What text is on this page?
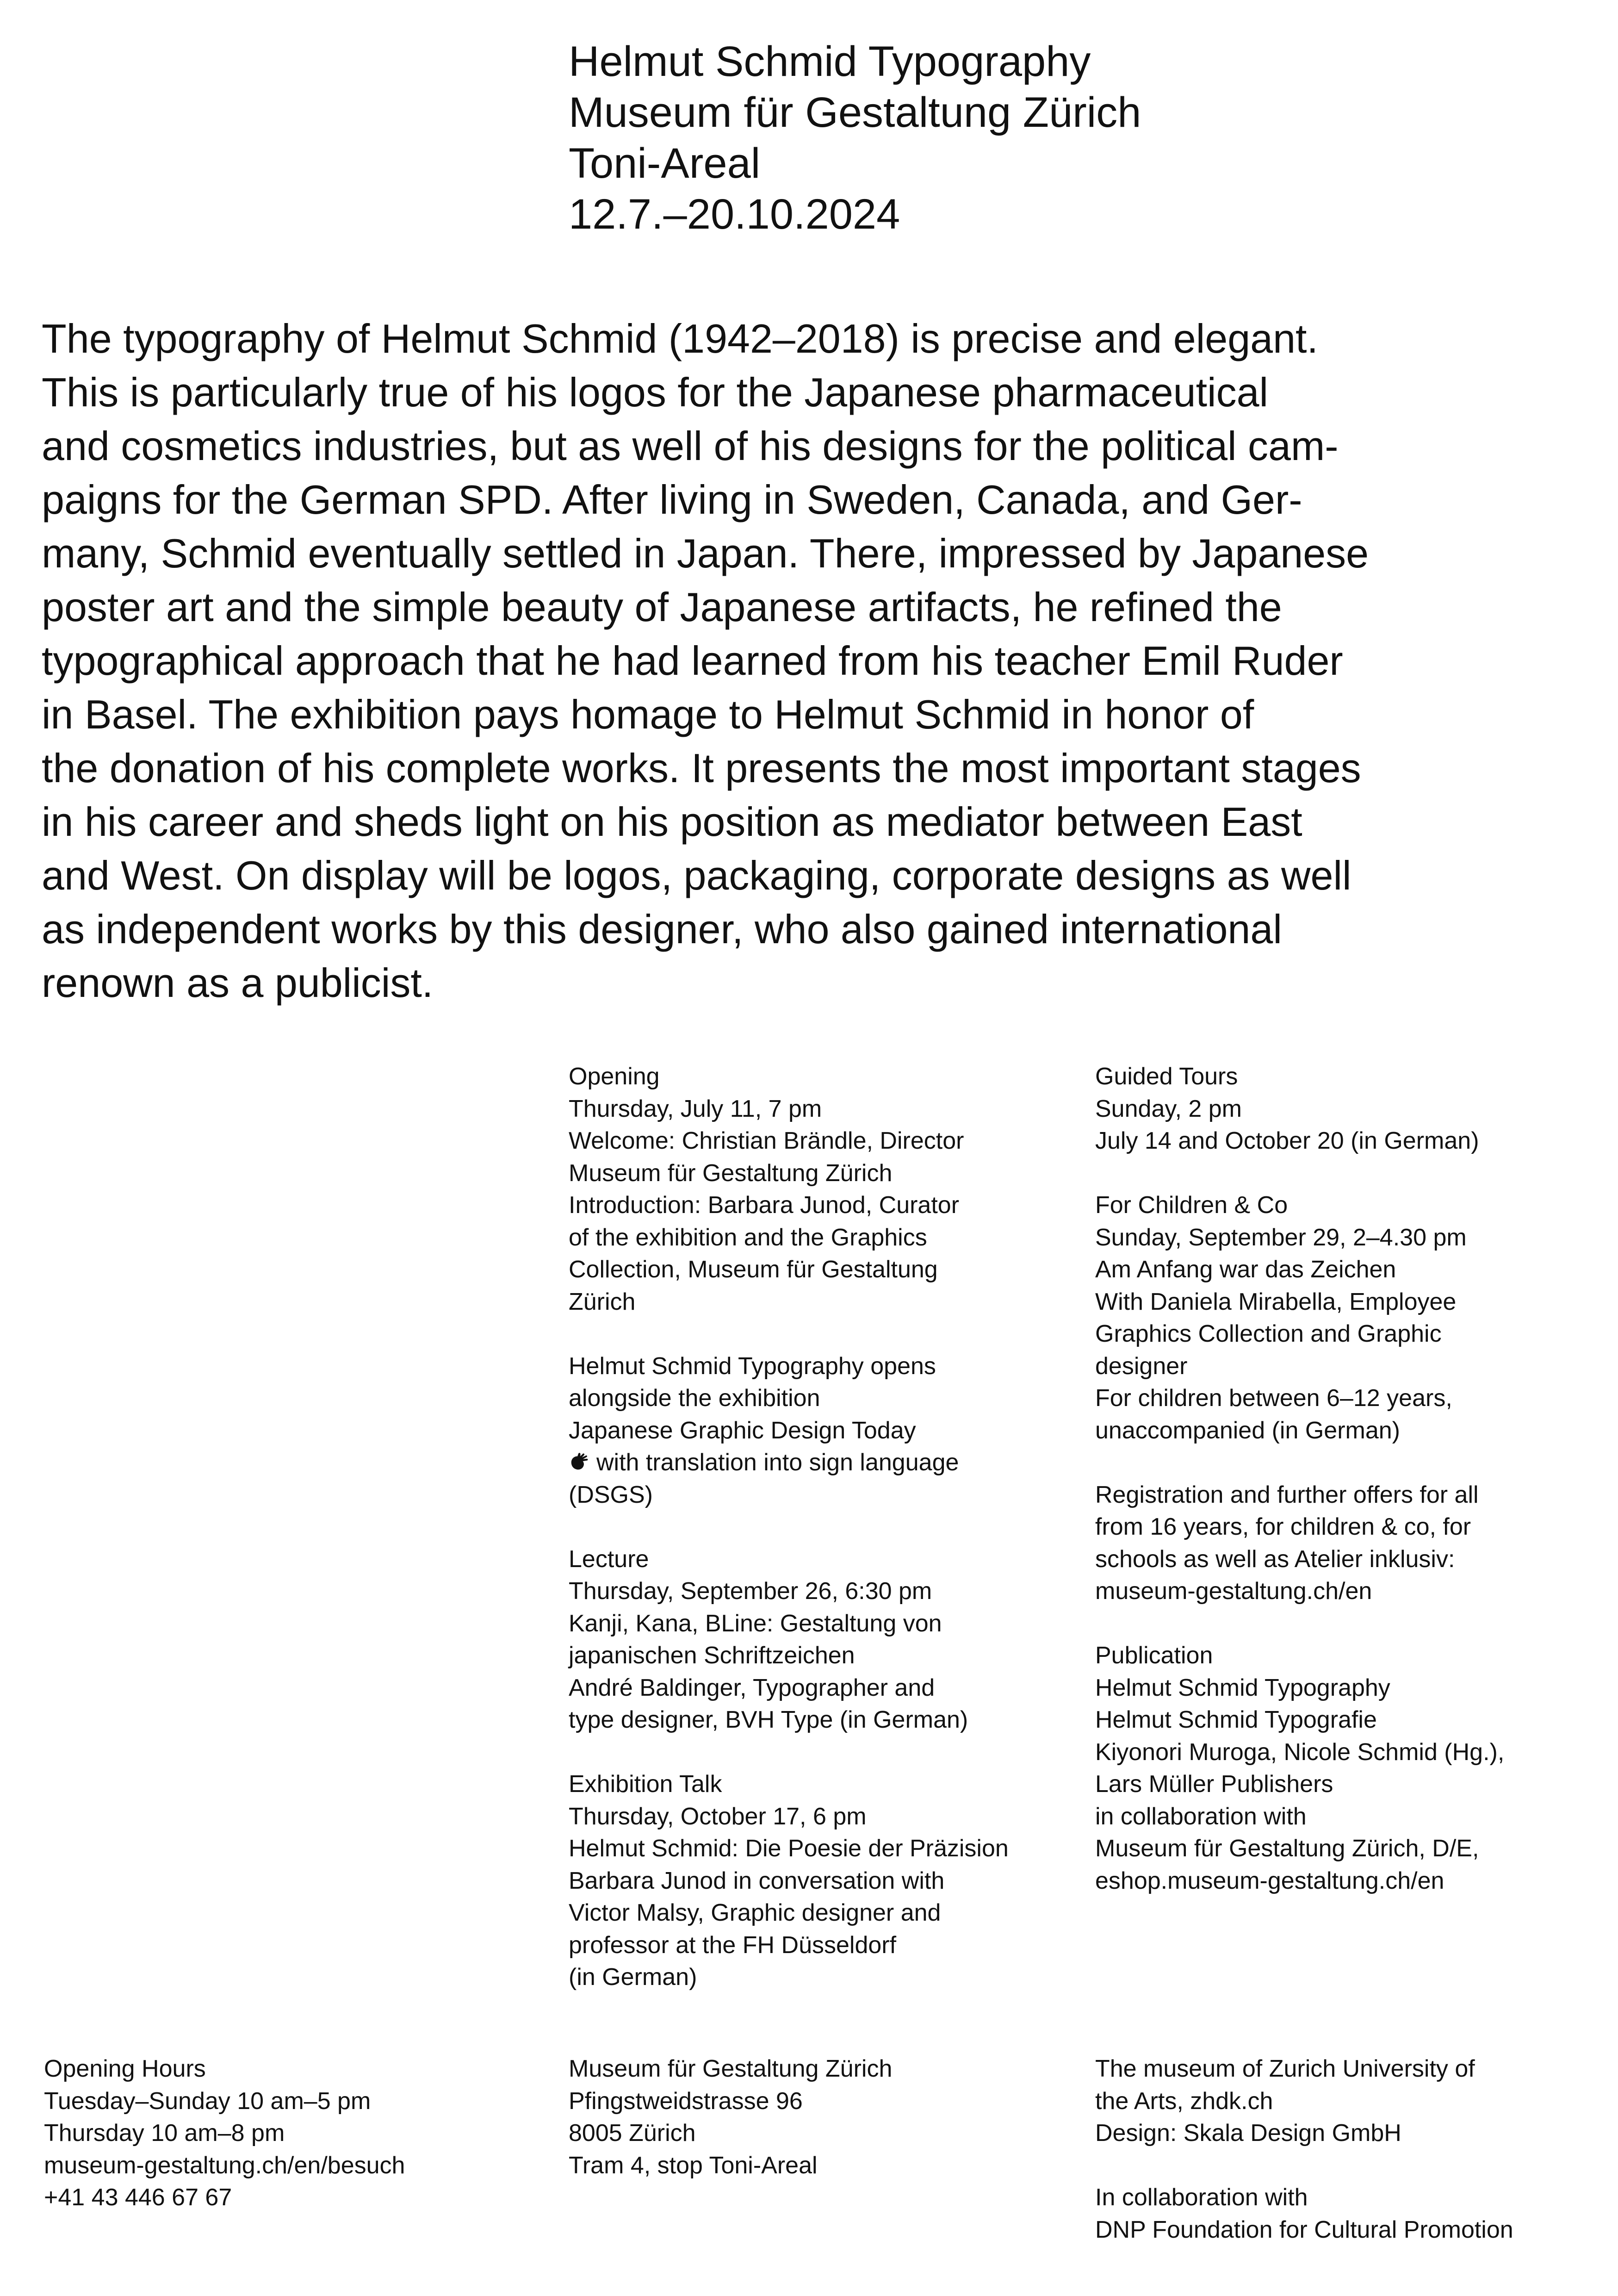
Helmut Schmid Typography
Museum für Gestaltung Zürich
Toni-Areal
12.7.–20.10.2024
The typography of Helmut Schmid (1942–2018) is precise and elegant.
This is particularly true of his logos for the Japanese pharmaceutical
and cosmetics industries, but as well of his designs for the political cam-
paigns for the German SPD. After living in Sweden, Canada, and Ger-
many, Schmid eventually settled in Japan. There, impressed by Japanese
poster art and the simple beauty of Japanese artifacts, he refined the
typographical approach that he had learned from his teacher Emil Ruder
in Basel. The exhibition pays homage to Helmut Schmid in honor of
the donation of his complete works. It presents the most important stages
in his career and sheds light on his position as mediator between East
and West. On display will be logos, packaging, corporate designs as well
as independent works by this designer, who also gained international
renown as a publicist.
Opening
Thursday, July 11, 7 pm
Welcome: Christian Brändle, Director
Museum für Gestaltung Zürich
Introduction: Barbara Junod, Curator
of the exhibition and the Graphics
Collection, Museum für Gestaltung
Zürich
Helmut Schmid Typography opens
alongside the exhibition
Japanese Graphic Design Today
with translation into sign language
(DSGS)
Lecture
Thursday, September 26, 6:30 pm
Kanji, Kana, BLine: Gestaltung von
japanischen Schriftzeichen
André Baldinger, Typographer and
type designer, BVH Type (in German)
Exhibition Talk
Thursday, October 17, 6 pm
Helmut Schmid: Die Poesie der Präzision
Barbara Junod in conversation with
Victor Malsy, Graphic designer and
professor at the FH Düsseldorf
(in German)
Guided Tours
Sunday, 2 pm
July 14 and October 20 (in German)
For Children & Co
Sunday, September 29, 2–4.30 pm
Am Anfang war das Zeichen
With Daniela Mirabella, Employee
Graphics Collection and Graphic
designer
For children between 6–12 years,
unaccompanied (in German)
Registration and further offers for all
from 16 years, for children & co, for
schools as well as Atelier inklusiv:
museum-gestaltung.ch/en
Publication
Helmut Schmid Typography
Helmut Schmid Typografie
Kiyonori Muroga, Nicole Schmid (Hg.),
Lars Müller Publishers
in collaboration with
Museum für Gestaltung Zürich, D/E,
eshop.museum-gestaltung.ch/en
Opening Hours
Tuesday–Sunday 10 am–5 pm
Thursday 10 am–8 pm
museum-gestaltung.ch/en/besuch
+41 43 446 67 67
Museum für Gestaltung Zürich
Pfingstweidstrasse 96
8005 Zürich
Tram 4, stop Toni-Areal
The museum of Zurich University of
the Arts, zhdk.ch
Design: Skala Design GmbH
In collaboration with
DNP Foundation for Cultural Promotion
